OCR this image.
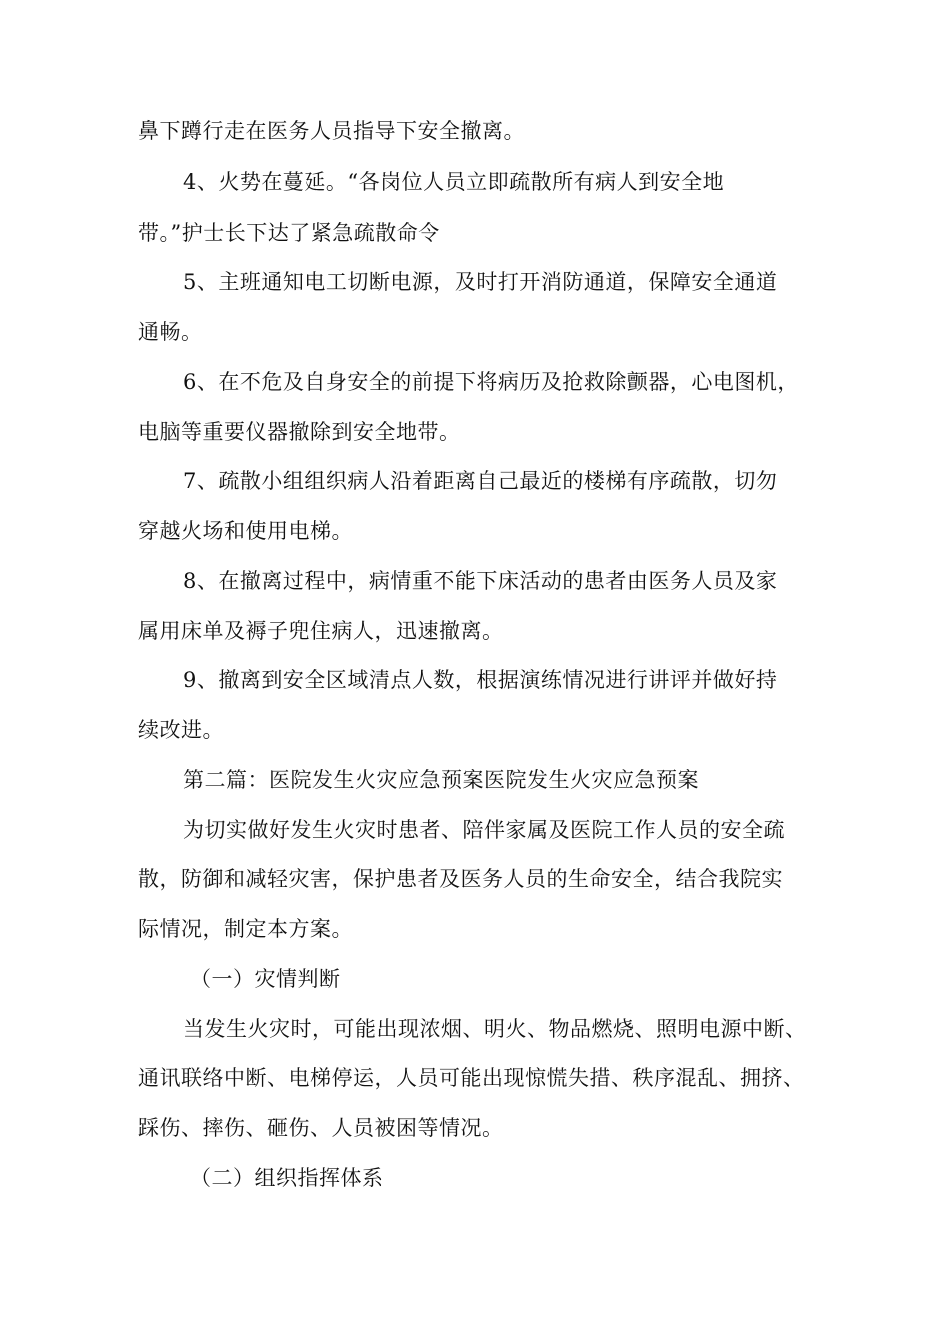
鼻下蹲行走在医务人员指导下安全撤离。
4、火势在蔓延。“各岗位人员立即疏散所有病人到安全地
带。”护士长下达了紧急疏散命令
5、主班通知电工切断电源，及时打开消防通道，保障安全通道
通畅。
6、在不危及自身安全的前提下将病历及抢救除颤器，心电图机，
电脑等重要仪器撤除到安全地带。
7、疏散小组组织病人沿着距离自己最近的楼梯有序疏散，切勿
穿越火场和使用电梯。
8、在撤离过程中，病情重不能下床活动的患者由医务人员及家
属用床单及褥子兜住病人，迅速撤离。
9、撤离到安全区域清点人数，根据演练情况进行讲评并做好持
续改进。
第二篇：医院发生火灾应急预案医院发生火灾应急预案
为切实做好发生火灾时患者、陪伴家属及医院工作人员的安全疏
散，防御和减轻灾害，保护患者及医务人员的生命安全，结合我院实
际情况，制定本方案。
（一）灾情判断
当发生火灾时，可能出现浓烟、明火、物品燃烧、照明电源中断、
通讯联络中断、电梯停运，人员可能出现惊慌失措、秩序混乱、拥挤、
踩伤、摔伤、砸伤、人员被困等情况。
（二）组织指挥体系
